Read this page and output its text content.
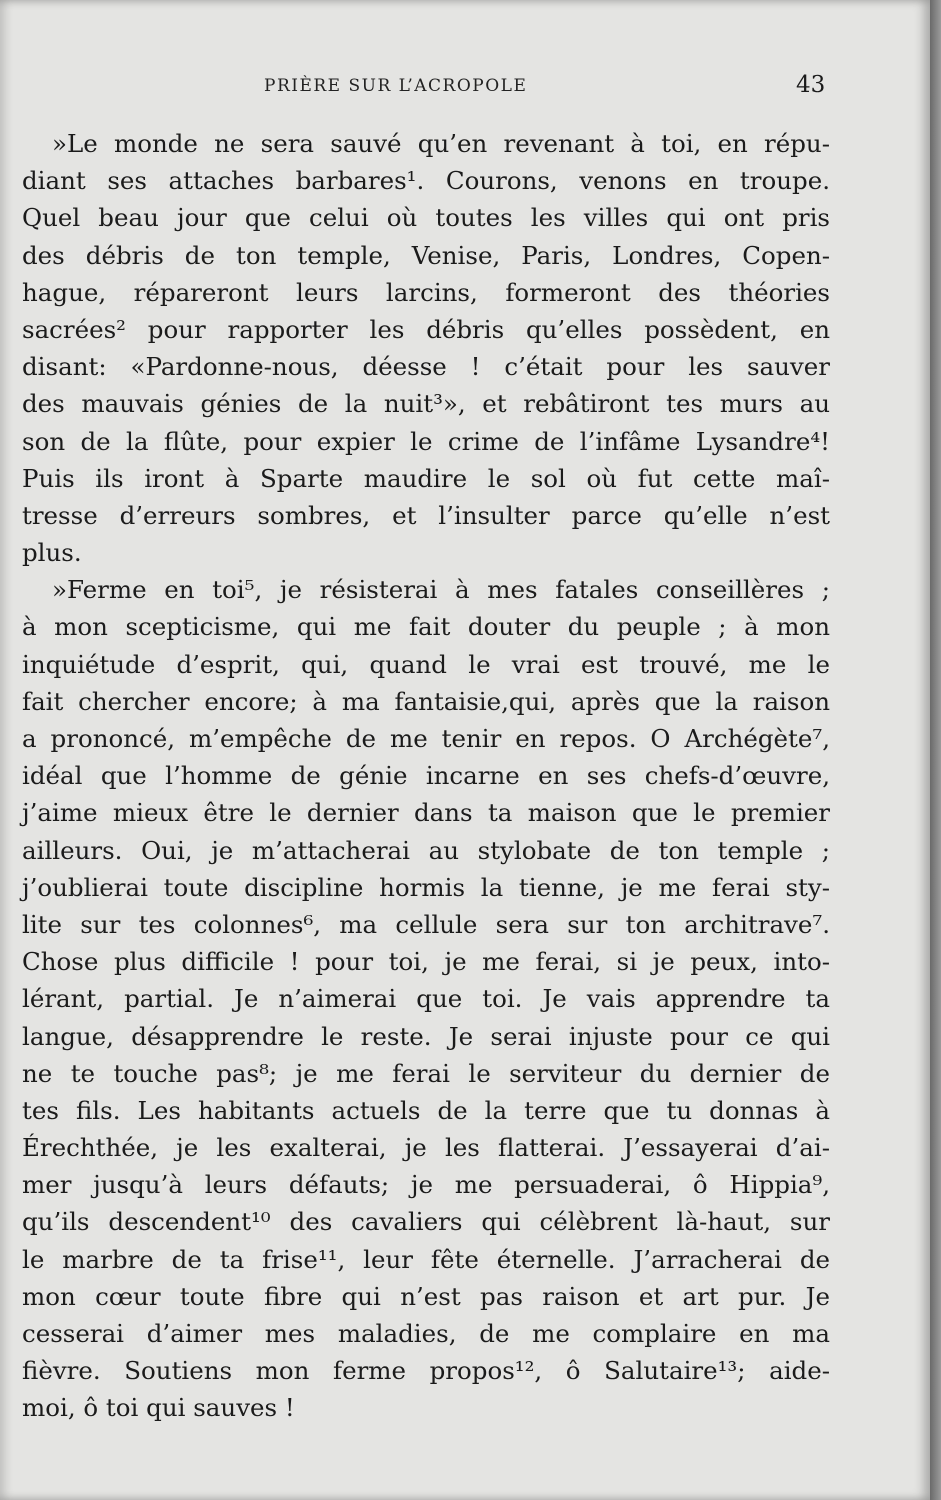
PRIÈRE SUR L’ACROPOLE	43
»Le monde ne sera sauvé qu’en revenant à toi, en répu-
diant ses attaches barbares¹. Courons, venons en troupe.
Quel beau jour que celui où toutes les villes qui ont pris
des débris de ton temple, Venise, Paris, Londres, Copen-
hague, répareront leurs larcins, formeront des théories
sacrées² pour rapporter les débris qu’elles possèdent, en
disant: «Pardonne-nous, déesse ! c’était pour les sauver
des mauvais génies de la nuit³», et rebâtiront tes murs au
son de la flûte, pour expier le crime de l’infâme Lysandre⁴!
Puis ils iront à Sparte maudire le sol où fut cette maî-
tresse d’erreurs sombres, et l’insulter parce qu’elle n’est
plus.
»Ferme en toi⁵, je résisterai à mes fatales conseillères ;
à mon scepticisme, qui me fait douter du peuple ; à mon
inquiétude d’esprit, qui, quand le vrai est trouvé, me le
fait chercher encore; à ma fantaisie,qui, après que la raison
a prononcé, m’empêche de me tenir en repos. O Archégète⁷,
idéal que l’homme de génie incarne en ses chefs-d’œuvre,
j’aime mieux être le dernier dans ta maison que le premier
ailleurs. Oui, je m’attacherai au stylobate de ton temple ;
j’oublierai toute discipline hormis la tienne, je me ferai sty-
lite sur tes colonnes⁶, ma cellule sera sur ton architrave⁷.
Chose plus difficile ! pour toi, je me ferai, si je peux, into-
lérant, partial. Je n’aimerai que toi. Je vais apprendre ta
langue, désapprendre le reste. Je serai injuste pour ce qui
ne te touche pas⁸; je me ferai le serviteur du dernier de
tes fils. Les habitants actuels de la terre que tu donnas à
Érechthée, je les exalterai, je les flatterai. J’essayerai d’ai-
mer jusqu’à leurs défauts; je me persuaderai, ô Hippia⁹,
qu’ils descendent¹⁰ des cavaliers qui célèbrent là-haut, sur
le marbre de ta frise¹¹, leur fête éternelle. J’arracherai de
mon cœur toute fibre qui n’est pas raison et art pur. Je
cesserai d’aimer mes maladies, de me complaire en ma
fièvre. Soutiens mon ferme propos¹², ô Salutaire¹³; aide-
moi, ô toi qui sauves !
